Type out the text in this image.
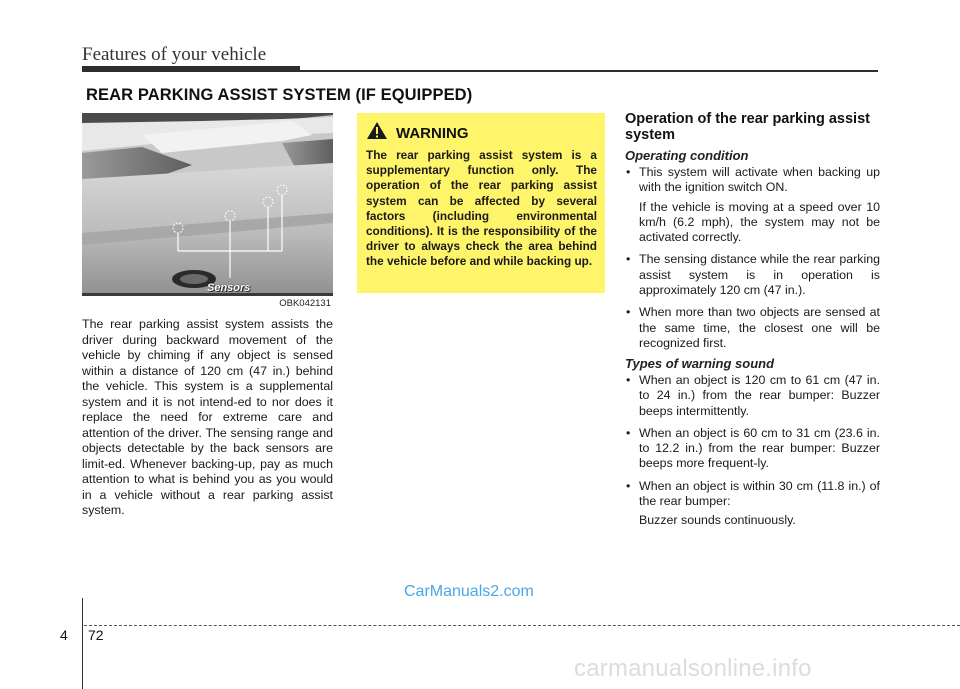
Features of your vehicle
REAR PARKING ASSIST SYSTEM (IF EQUIPPED)
Sensors
OBK042131

The rear parking assist system assists the driver during backward movement of the vehicle by chiming if any object is sensed within a distance of 120 cm (47 in.) behind the vehicle. This system is a supplemental system and it is not intend-ed to nor does it replace the need for extreme care and attention of the driver. The sensing range and objects detectable by the back sensors are limit-ed. Whenever backing-up, pay as much attention to what is behind you as you would in a vehicle without a rear parking assist system.

WARNING
The rear parking assist system is a supplementary function only. The operation of the rear parking assist system can be affected by several factors (including environmental conditions). It is the responsibility of the driver to always check the area behind the vehicle before and while backing up.
Operation of the rear parking assist system
Operating condition
• This system will activate when backing up with the ignition switch ON.

If the vehicle is moving at a speed over 10 km/h (6.2 mph), the system may not be activated correctly.

• The sensing distance while the rear parking assist system is in operation is approximately 120 cm (47 in.).

• When more than two objects are sensed at the same time, the closest one will be recognized first.

Types of warning sound
• When an object is 120 cm to 61 cm (47 in. to 24 in.) from the rear bumper: Buzzer beeps intermittently.

• When an object is 60 cm to 31 cm (23.6 in. to 12.2 in.) from the rear bumper: Buzzer beeps more frequent-ly.

• When an object is within 30 cm (11.8 in.) of the rear bumper:

Buzzer sounds continuously.

CarManuals2.com
4 72
carmanualsonline.info
